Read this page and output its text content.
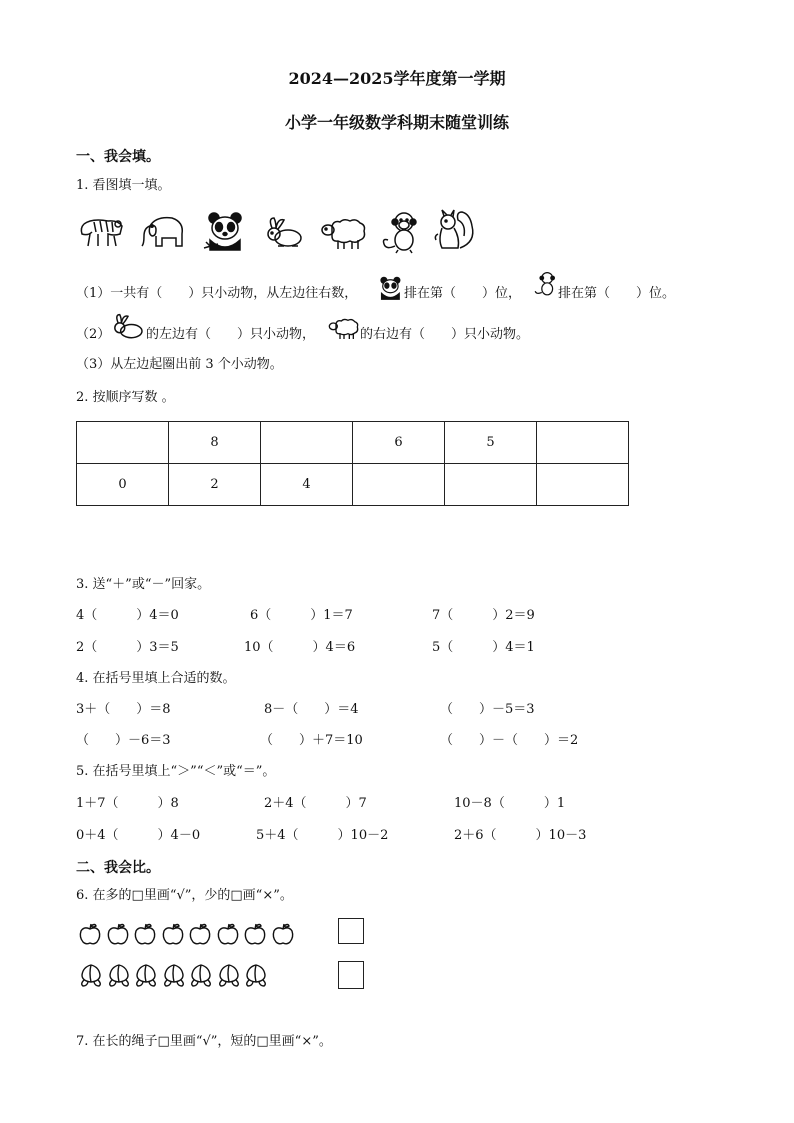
2024—2025学年度第一学期
小学一年级数学科期末随堂训练
一、我会填。
1. 看图填一填。
（1）一共有（　　）只小动物，从左边往右数，	排在第（　　）位，	排在第（　　）位。
（2）	的左边有（　　）只小动物，	的右边有（　　）只小动物。
（3）从左边起圈出前 3 个小动物。
2. 按顺序写数 。
	8		6	5	
0	2	4			
3. 送“＋”或“－”回家。
4（　　　）4＝0	6（　　　）1＝7	7（　　　）2＝9
2（　　　）3＝5	10（　　　）4＝6	5（　　　）4＝1
4. 在括号里填上合适的数。
3＋（　　）＝8	8－（　　）＝4	（　　）－5＝3
（　　）－6＝3	（　　）＋7＝10	（　　）－（　　）＝2
5. 在括号里填上“＞”“＜”或“＝”。
1＋7（　　　）8	2＋4（　　　）7	10－8（　　　）1
0＋4（　　　）4－0	5＋4（　　　）10－2	2＋6（　　　）10－3
二、我会比。
6. 在多的□里画“√”，少的□画“×”。
7. 在长的绳子□里画“√”，短的□里画“×”。
